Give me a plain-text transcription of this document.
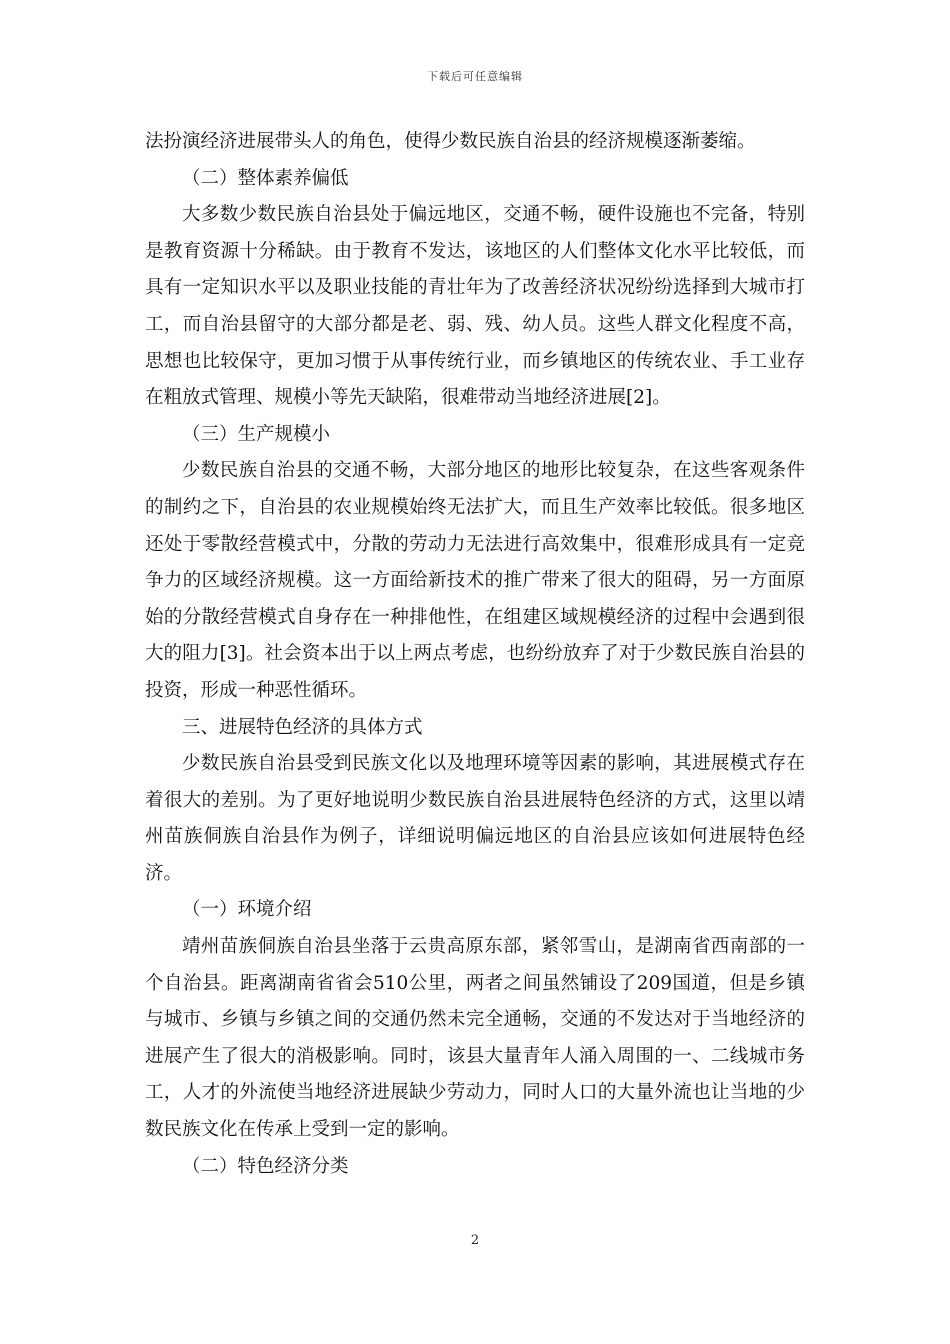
下载后可任意编辑

法扮演经济进展带头人的角色，使得少数民族自治县的经济规模逐渐萎缩。

（二）整体素养偏低

大多数少数民族自治县处于偏远地区，交通不畅，硬件设施也不完备，特别是教育资源十分稀缺。由于教育不发达，该地区的人们整体文化水平比较低，而具有一定知识水平以及职业技能的青壮年为了改善经济状况纷纷选择到大城市打工，而自治县留守的大部分都是老、弱、残、幼人员。这些人群文化程度不高，思想也比较保守，更加习惯于从事传统行业，而乡镇地区的传统农业、手工业存在粗放式管理、规模小等先天缺陷，很难带动当地经济进展[2]。

（三）生产规模小

少数民族自治县的交通不畅，大部分地区的地形比较复杂，在这些客观条件的制约之下，自治县的农业规模始终无法扩大，而且生产效率比较低。很多地区还处于零散经营模式中，分散的劳动力无法进行高效集中，很难形成具有一定竞争力的区域经济规模。这一方面给新技术的推广带来了很大的阻碍，另一方面原始的分散经营模式自身存在一种排他性，在组建区域规模经济的过程中会遇到很大的阻力[3]。社会资本出于以上两点考虑，也纷纷放弃了对于少数民族自治县的投资，形成一种恶性循环。

三、进展特色经济的具体方式

少数民族自治县受到民族文化以及地理环境等因素的影响，其进展模式存在着很大的差别。为了更好地说明少数民族自治县进展特色经济的方式，这里以靖州苗族侗族自治县作为例子，详细说明偏远地区的自治县应该如何进展特色经济。

（一）环境介绍

靖州苗族侗族自治县坐落于云贵高原东部，紧邻雪山，是湖南省西南部的一个自治县。距离湖南省省会510公里，两者之间虽然铺设了209国道，但是乡镇与城市、乡镇与乡镇之间的交通仍然未完全通畅，交通的不发达对于当地经济的进展产生了很大的消极影响。同时，该县大量青年人涌入周围的一、二线城市务工，人才的外流使当地经济进展缺少劳动力，同时人口的大量外流也让当地的少数民族文化在传承上受到一定的影响。

（二）特色经济分类

2
